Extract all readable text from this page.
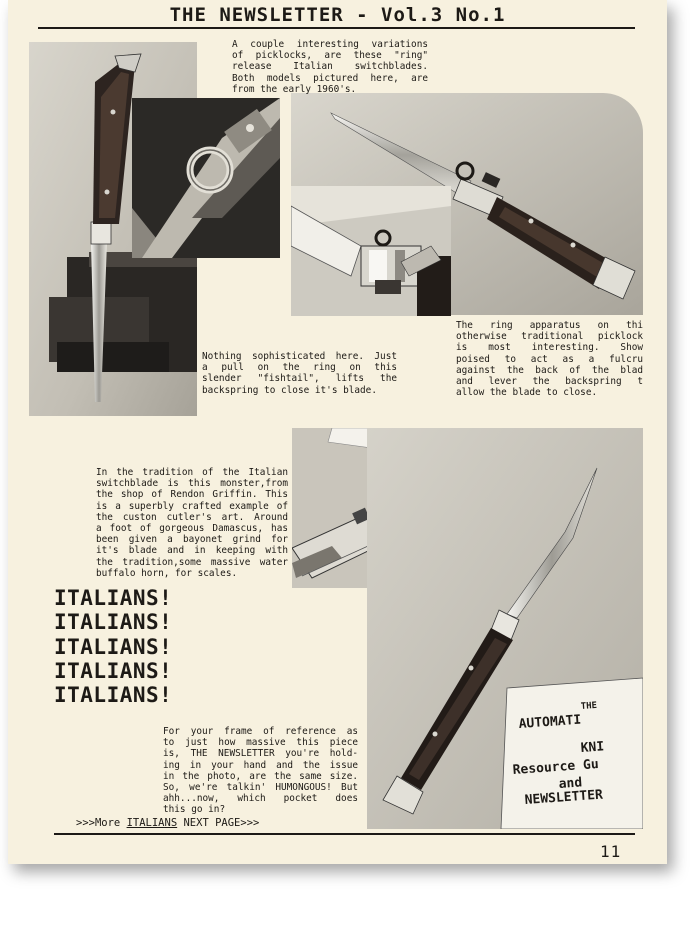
THE NEWSLETTER - Vol.3 No.1

A couple interesting variations

of picklocks, are these "ring"

release Italian switchblades.

Both models pictured here, are

from the early 1960's.

Nothing sophisticated here. Just

a pull on the ring on this

slender "fishtail", lifts the

backspring to close it's blade.

The ring apparatus on thi

otherwise traditional picklock

is most interesting. Show

poised to act as a fulcru

against the back of the blad

and lever the backspring t

allow the blade to close.

AUTOMATI
THE
KNI
Resource Gu
and
NEWSLETTER

In the tradition of the Italian

switchblade is this monster,from

the shop of Rendon Griffin. This

is a superbly crafted example of

the custon cutler's art. Around

a foot of gorgeous Damascus, has

been given a bayonet grind for

it's blade and in keeping with

the tradition,some massive water

buffalo horn, for scales.

ITALIANS!
ITALIANS!
ITALIANS!
ITALIANS!
ITALIANS!

For your frame of reference as

to just how massive this piece

is, THE NEWSLETTER you're hold-

ing in your hand and the issue

in the photo, are the same size.

So, we're talkin' HUMONGOUS! But

ahh...now, which pocket does

this go in?

>>>More ITALIANS NEXT PAGE>>>
11
